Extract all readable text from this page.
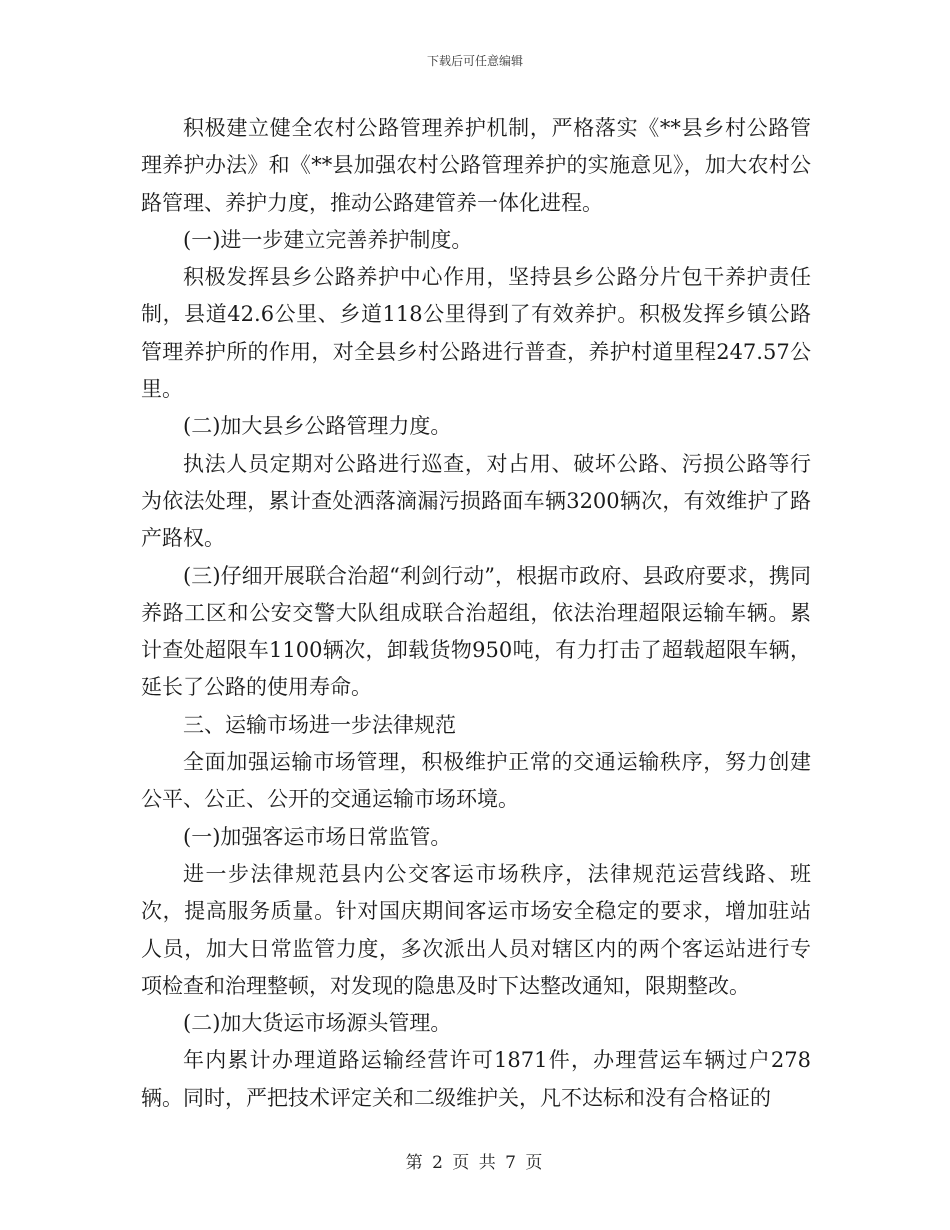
下载后可任意编辑

积极建立健全农村公路管理养护机制，严格落实《**县乡村公路管理养护办法》和《**县加强农村公路管理养护的实施意见》，加大农村公路管理、养护力度，推动公路建管养一体化进程。

(一)进一步建立完善养护制度。

积极发挥县乡公路养护中心作用，坚持县乡公路分片包干养护责任制，县道42.6公里、乡道118公里得到了有效养护。积极发挥乡镇公路管理养护所的作用，对全县乡村公路进行普查，养护村道里程247.57公里。

(二)加大县乡公路管理力度。

执法人员定期对公路进行巡查，对占用、破坏公路、污损公路等行为依法处理，累计查处洒落滴漏污损路面车辆3200辆次，有效维护了路产路权。

(三)仔细开展联合治超“利剑行动”，根据市政府、县政府要求，携同养路工区和公安交警大队组成联合治超组，依法治理超限运输车辆。累计查处超限车1100辆次，卸载货物950吨，有力打击了超载超限车辆，延长了公路的使用寿命。

三、运输市场进一步法律规范

全面加强运输市场管理，积极维护正常的交通运输秩序，努力创建公平、公正、公开的交通运输市场环境。

(一)加强客运市场日常监管。

进一步法律规范县内公交客运市场秩序，法律规范运营线路、班次，提高服务质量。针对国庆期间客运市场安全稳定的要求，增加驻站人员，加大日常监管力度，多次派出人员对辖区内的两个客运站进行专项检查和治理整顿，对发现的隐患及时下达整改通知，限期整改。

(二)加大货运市场源头管理。

年内累计办理道路运输经营许可1871件，办理营运车辆过户278辆。同时，严把技术评定关和二级维护关，凡不达标和没有合格证的

第 2 页 共 7 页
